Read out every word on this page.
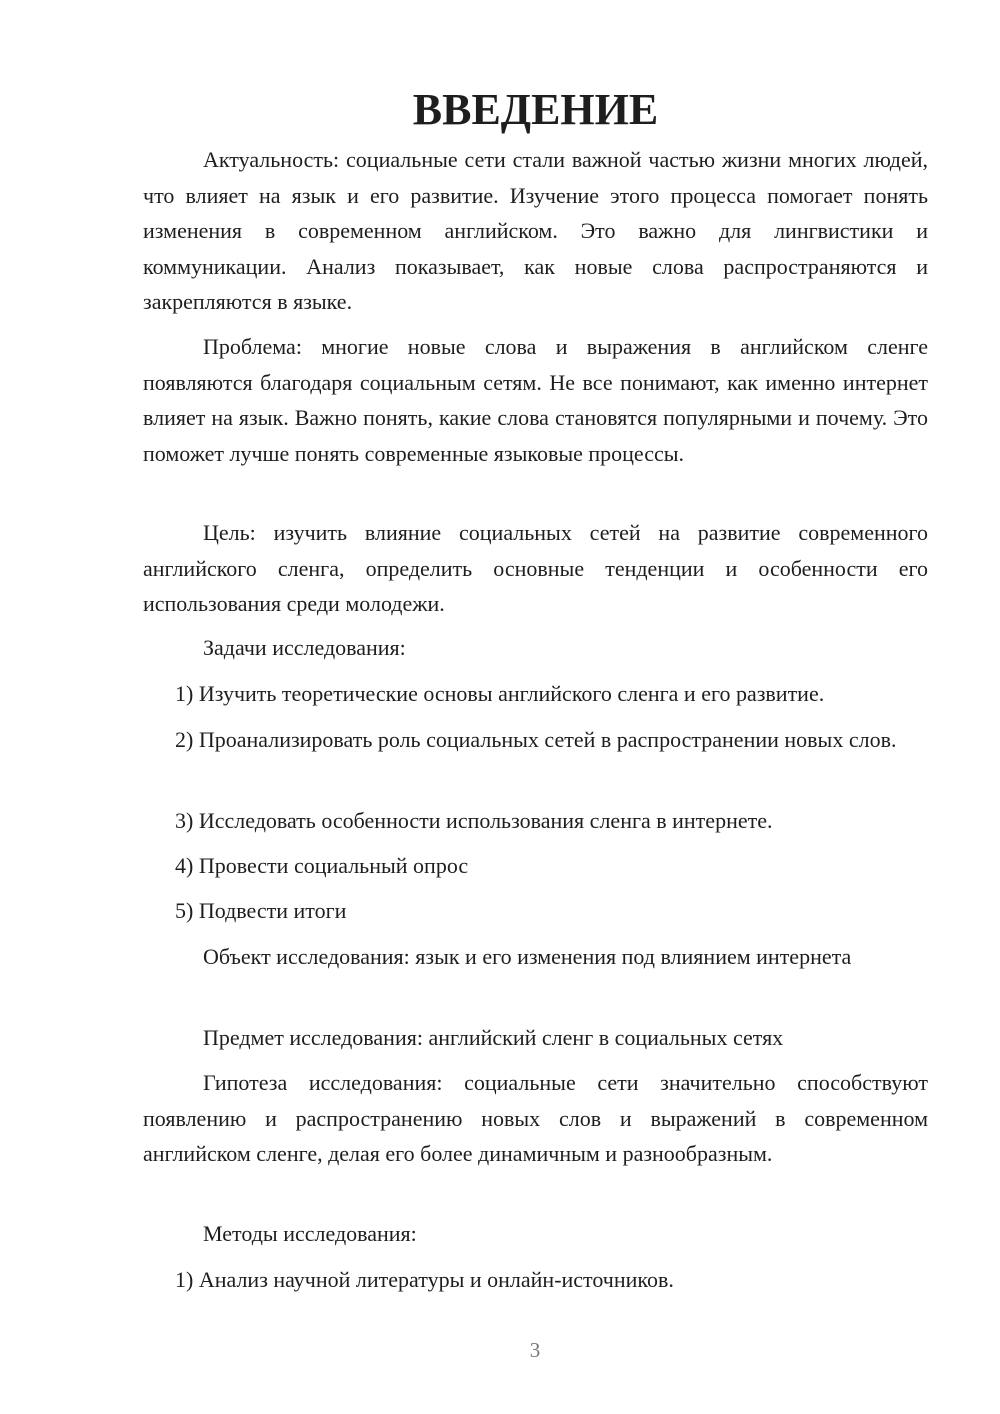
ВВЕДЕНИЕ

Актуальность: социальные сети стали важной частью жизни многих людей, что влияет на язык и его развитие. Изучение этого процесса помогает понять изменения в современном английском. Это важно для лингвистики и коммуникации. Анализ показывает, как новые слова распространяются и закрепляются в языке.

Проблема: многие новые слова и выражения в английском сленге появляются благодаря социальным сетям. Не все понимают, как именно интернет влияет на язык. Важно понять, какие слова становятся популярными и почему. Это поможет лучше понять современные языковые процессы.

Цель: изучить влияние социальных сетей на развитие современного английского сленга, определить основные тенденции и особенности его использования среди молодежи.

Задачи исследования:

1) Изучить теоретические основы английского сленга и его развитие.

2) Проанализировать роль социальных сетей в распространении новых слов.

3) Исследовать особенности использования сленга в интернете.

4) Провести социальный опрос

5) Подвести итоги

Объект исследования: язык и его изменения под влиянием интернета

Предмет исследования: английский сленг в социальных сетях

Гипотеза исследования: социальные сети значительно способствуют появлению и распространению новых слов и выражений в современном английском сленге, делая его более динамичным и разнообразным.

Методы исследования:

1) Анализ научной литературы и онлайн-источников.

3
